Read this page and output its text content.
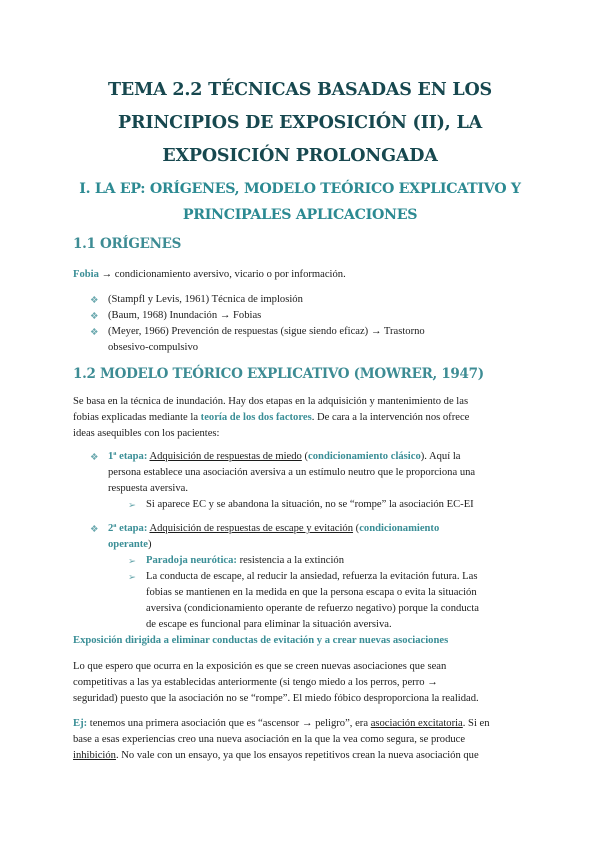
TEMA 2.2 TÉCNICAS BASADAS EN LOS
PRINCIPIOS DE EXPOSICIÓN (II), LA
EXPOSICIÓN PROLONGADA
I. LA EP: ORÍGENES, MODELO TEÓRICO EXPLICATIVO Y
PRINCIPALES APLICACIONES
1.1 ORÍGENES
Fobia → condicionamiento aversivo, vicario o por información.
❖ (Stampfl y Levis, 1961) Técnica de implosión
❖ (Baum, 1968) Inundación → Fobias
❖ (Meyer, 1966) Prevención de respuestas (sigue siendo eficaz) → Trastorno
obsesivo-compulsivo
1.2 MODELO TEÓRICO EXPLICATIVO (MOWRER, 1947)
Se basa en la técnica de inundación. Hay dos etapas en la adquisición y mantenimiento de las
fobias explicadas mediante la teoría de los dos factores. De cara a la intervención nos ofrece
ideas asequibles con los pacientes:
❖ 1ª etapa: Adquisición de respuestas de miedo (condicionamiento clásico). Aquí la
persona establece una asociación aversiva a un estímulo neutro que le proporciona una
respuesta aversiva.
➢ Si aparece EC y se abandona la situación, no se “rompe” la asociación EC-EI
❖ 2ª etapa: Adquisición de respuestas de escape y evitación (condicionamiento
operante)
➢ Paradoja neurótica: resistencia a la extinción
➢ La conducta de escape, al reducir la ansiedad, refuerza la evitación futura. Las
fobias se mantienen en la medida en que la persona escapa o evita la situación
aversiva (condicionamiento operante de refuerzo negativo) porque la conducta
de escape es funcional para eliminar la situación aversiva.
Exposición dirigida a eliminar conductas de evitación y a crear nuevas asociaciones
Lo que espero que ocurra en la exposición es que se creen nuevas asociaciones que sean
competitivas a las ya establecidas anteriormente (si tengo miedo a los perros, perro →
seguridad) puesto que la asociación no se “rompe”. El miedo fóbico desproporciona la realidad.
Ej: tenemos una primera asociación que es “ascensor → peligro”, era asociación excitatoria. Si en
base a esas experiencias creo una nueva asociación en la que la vea como segura, se produce
inhibición. No vale con un ensayo, ya que los ensayos repetitivos crean la nueva asociación que
